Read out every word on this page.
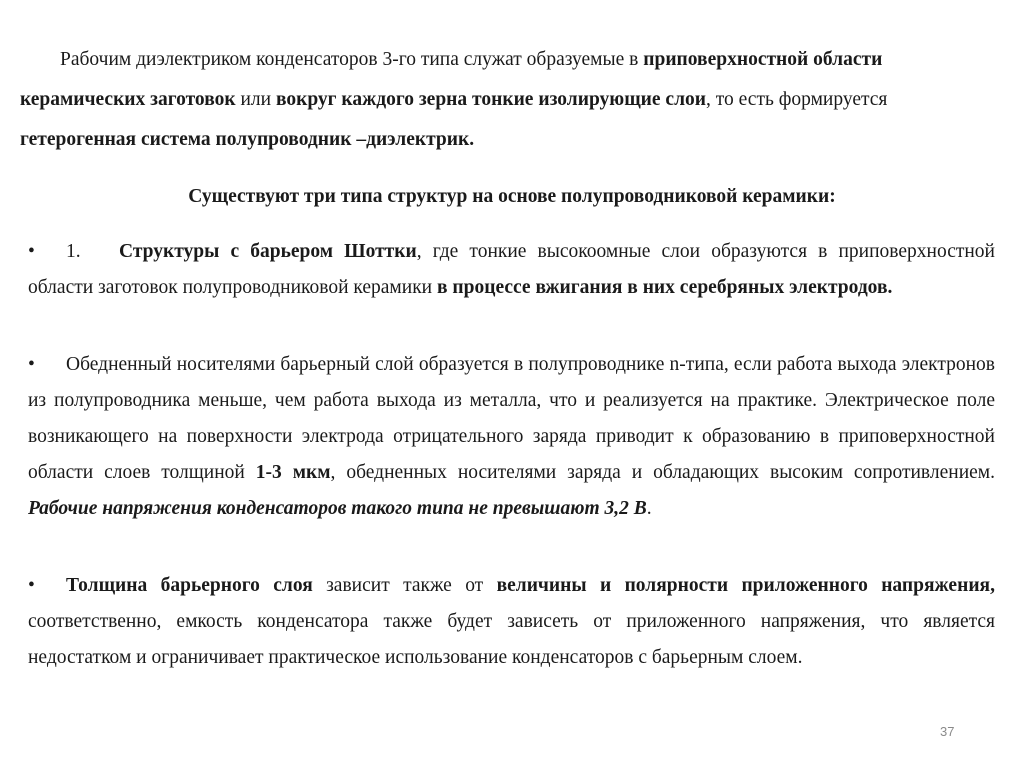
Рабочим диэлектриком конденсаторов 3-го типа служат образуемые в приповерхностной области керамических заготовок или вокруг каждого зерна тонкие изолирующие слои, то есть формируется гетерогенная система полупроводник –диэлектрик.

Существуют три типа структур на основе полупроводниковой керамики:

• 1. Структуры с барьером Шоттки, где тонкие высокоомные слои образуются в приповерхностной области заготовок полупроводниковой керамики в процессе вжигания в них серебряных электродов.

• Обедненный носителями барьерный слой образуется в полупроводнике n-типа, если работа выхода электронов из полупроводника меньше, чем работа выхода из металла, что и реализуется на практике. Электрическое поле возникающего на поверхности электрода отрицательного заряда приводит к образованию в приповерхностной области слоев толщиной 1-3 мкм, обедненных носителями заряда и обладающих высоким сопротивлением. Рабочие напряжения конденсаторов такого типа не превышают 3,2 В.

• Толщина барьерного слоя зависит также от величины и полярности приложенного напряжения, соответственно, емкость конденсатора также будет зависеть от приложенного напряжения, что является недостатком и ограничивает практическое использование конденсаторов с барьерным слоем.

37
